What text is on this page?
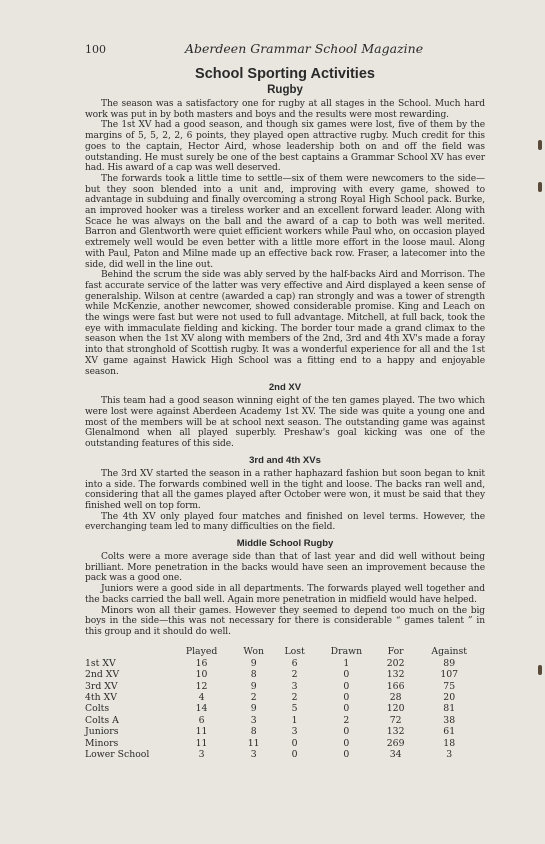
100	Aberdeen Grammar School Magazine
School Sporting Activities
Rugby

The season was a satisfactory one for rugby at all stages in the School. Much hard work was put in by both masters and boys and the results were most rewarding.

The 1st XV had a good season, and though six games were lost, five of them by the margins of 5, 5, 2, 2, 6 points, they played open attractive rugby. Much credit for this goes to the captain, Hector Aird, whose leadership both on and off the field was outstanding. He must surely be one of the best captains a Grammar School XV has ever had. His award of a cap was well deserved.

The forwards took a little time to settle—six of them were newcomers to the side—but they soon blended into a unit and, improving with every game, showed to advantage in subduing and finally overcoming a strong Royal High School pack. Burke, an improved hooker was a tireless worker and an excellent forward leader. Along with Scace he was always on the ball and the award of a cap to both was well merited. Barron and Glentworth were quiet efficient workers while Paul who, on occasion played extremely well would be even better with a little more effort in the loose maul. Along with Paul, Paton and Milne made up an effective back row. Fraser, a latecomer into the side, did well in the line out.

Behind the scrum the side was ably served by the half-backs Aird and Morrison. The fast accurate service of the latter was very effective and Aird displayed a keen sense of generalship. Wilson at centre (awarded a cap) ran strongly and was a tower of strength while McKenzie, another newcomer, showed considerable promise. King and Leach on the wings were fast but were not used to full advantage. Mitchell, at full back, took the eye with immaculate fielding and kicking. The border tour made a grand climax to the season when the 1st XV along with members of the 2nd, 3rd and 4th XV's made a foray into that stronghold of Scottish rugby. It was a wonderful experience for all and the 1st XV game against Hawick High School was a fitting end to a happy and enjoyable season.

2nd XV

This team had a good season winning eight of the ten games played. The two which were lost were against Aberdeen Academy 1st XV. The side was quite a young one and most of the members will be at school next season. The outstanding game was against Glenalmond when all played superbly. Preshaw's goal kicking was one of the outstanding features of this side.

3rd and 4th XVs

The 3rd XV started the season in a rather haphazard fashion but soon began to knit into a side. The forwards combined well in the tight and loose. The backs ran well and, considering that all the games played after October were won, it must be said that they finished well on top form.

The 4th XV only played four matches and finished on level terms. However, the everchanging team led to many difficulties on the field.

Middle School Rugby

Colts were a more average side than that of last year and did well without being brilliant. More penetration in the backs would have seen an improvement because the pack was a good one.

Juniors were a good side in all departments. The forwards played well together and the backs carried the ball well. Again more penetration in midfield would have helped.

Minors won all their games. However they seemed to depend too much on the big boys in the side—this was not necessary for there is considerable “ games talent ” in this group and it should do well.

	Played	Won	Lost	Drawn	For	Against
1st XV	16	9	6	1	202	89
2nd XV	10	8	2	0	132	107
3rd XV	12	9	3	0	166	75
4th XV	4	2	2	0	28	20
Colts	14	9	5	0	120	81
Colts A	6	3	1	2	72	38
Juniors	11	8	3	0	132	61
Minors	11	11	0	0	269	18
Lower School	3	3	0	0	34	3
